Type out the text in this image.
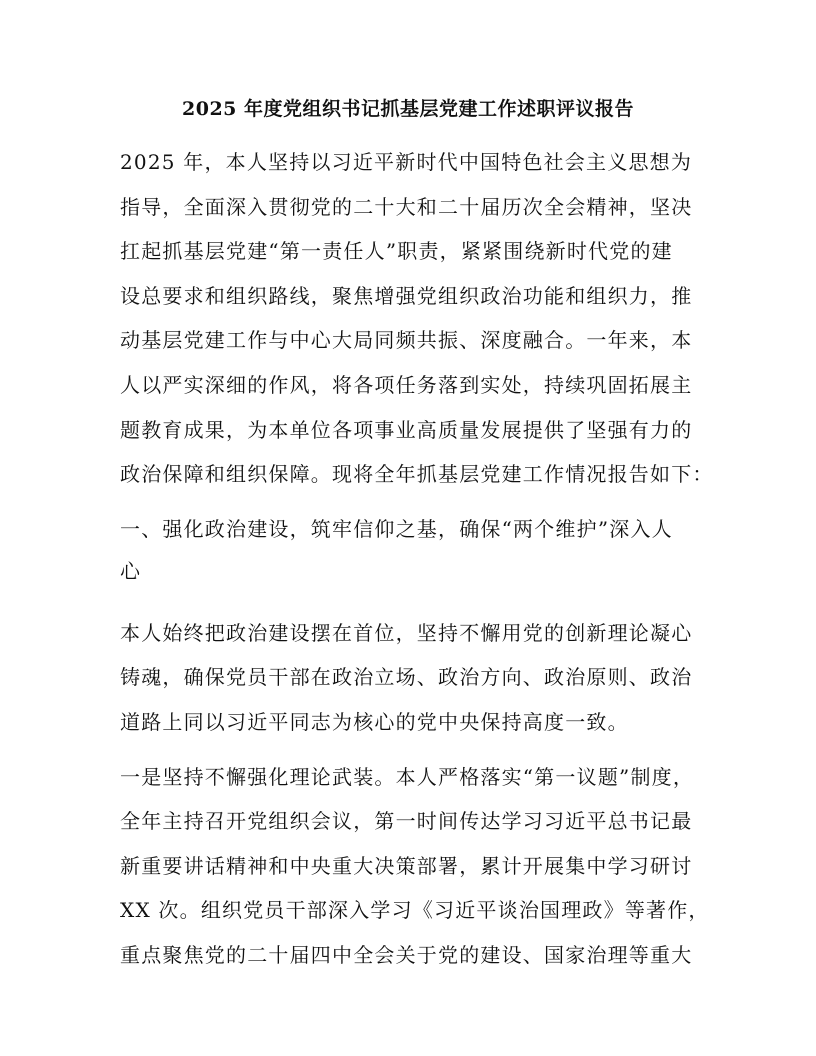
2025 年度党组织书记抓基层党建工作述职评议报告
2025 年，本人坚持以习近平新时代中国特色社会主义思想为
指导，全面深入贯彻党的二十大和二十届历次全会精神，坚决
扛起抓基层党建“第一责任人”职责，紧紧围绕新时代党的建
设总要求和组织路线，聚焦增强党组织政治功能和组织力，推
动基层党建工作与中心大局同频共振、深度融合。一年来，本
人以严实深细的作风，将各项任务落到实处，持续巩固拓展主
题教育成果，为本单位各项事业高质量发展提供了坚强有力的
政治保障和组织保障。现将全年抓基层党建工作情况报告如下：
一、强化政治建设，筑牢信仰之基，确保“两个维护”深入人
心
本人始终把政治建设摆在首位，坚持不懈用党的创新理论凝心
铸魂，确保党员干部在政治立场、政治方向、政治原则、政治
道路上同以习近平同志为核心的党中央保持高度一致。
一是坚持不懈强化理论武装。本人严格落实“第一议题”制度，
全年主持召开党组织会议，第一时间传达学习习近平总书记最
新重要讲话精神和中央重大决策部署，累计开展集中学习研讨
XX 次。组织党员干部深入学习《习近平谈治国理政》等著作，
重点聚焦党的二十届四中全会关于党的建设、国家治理等重大
